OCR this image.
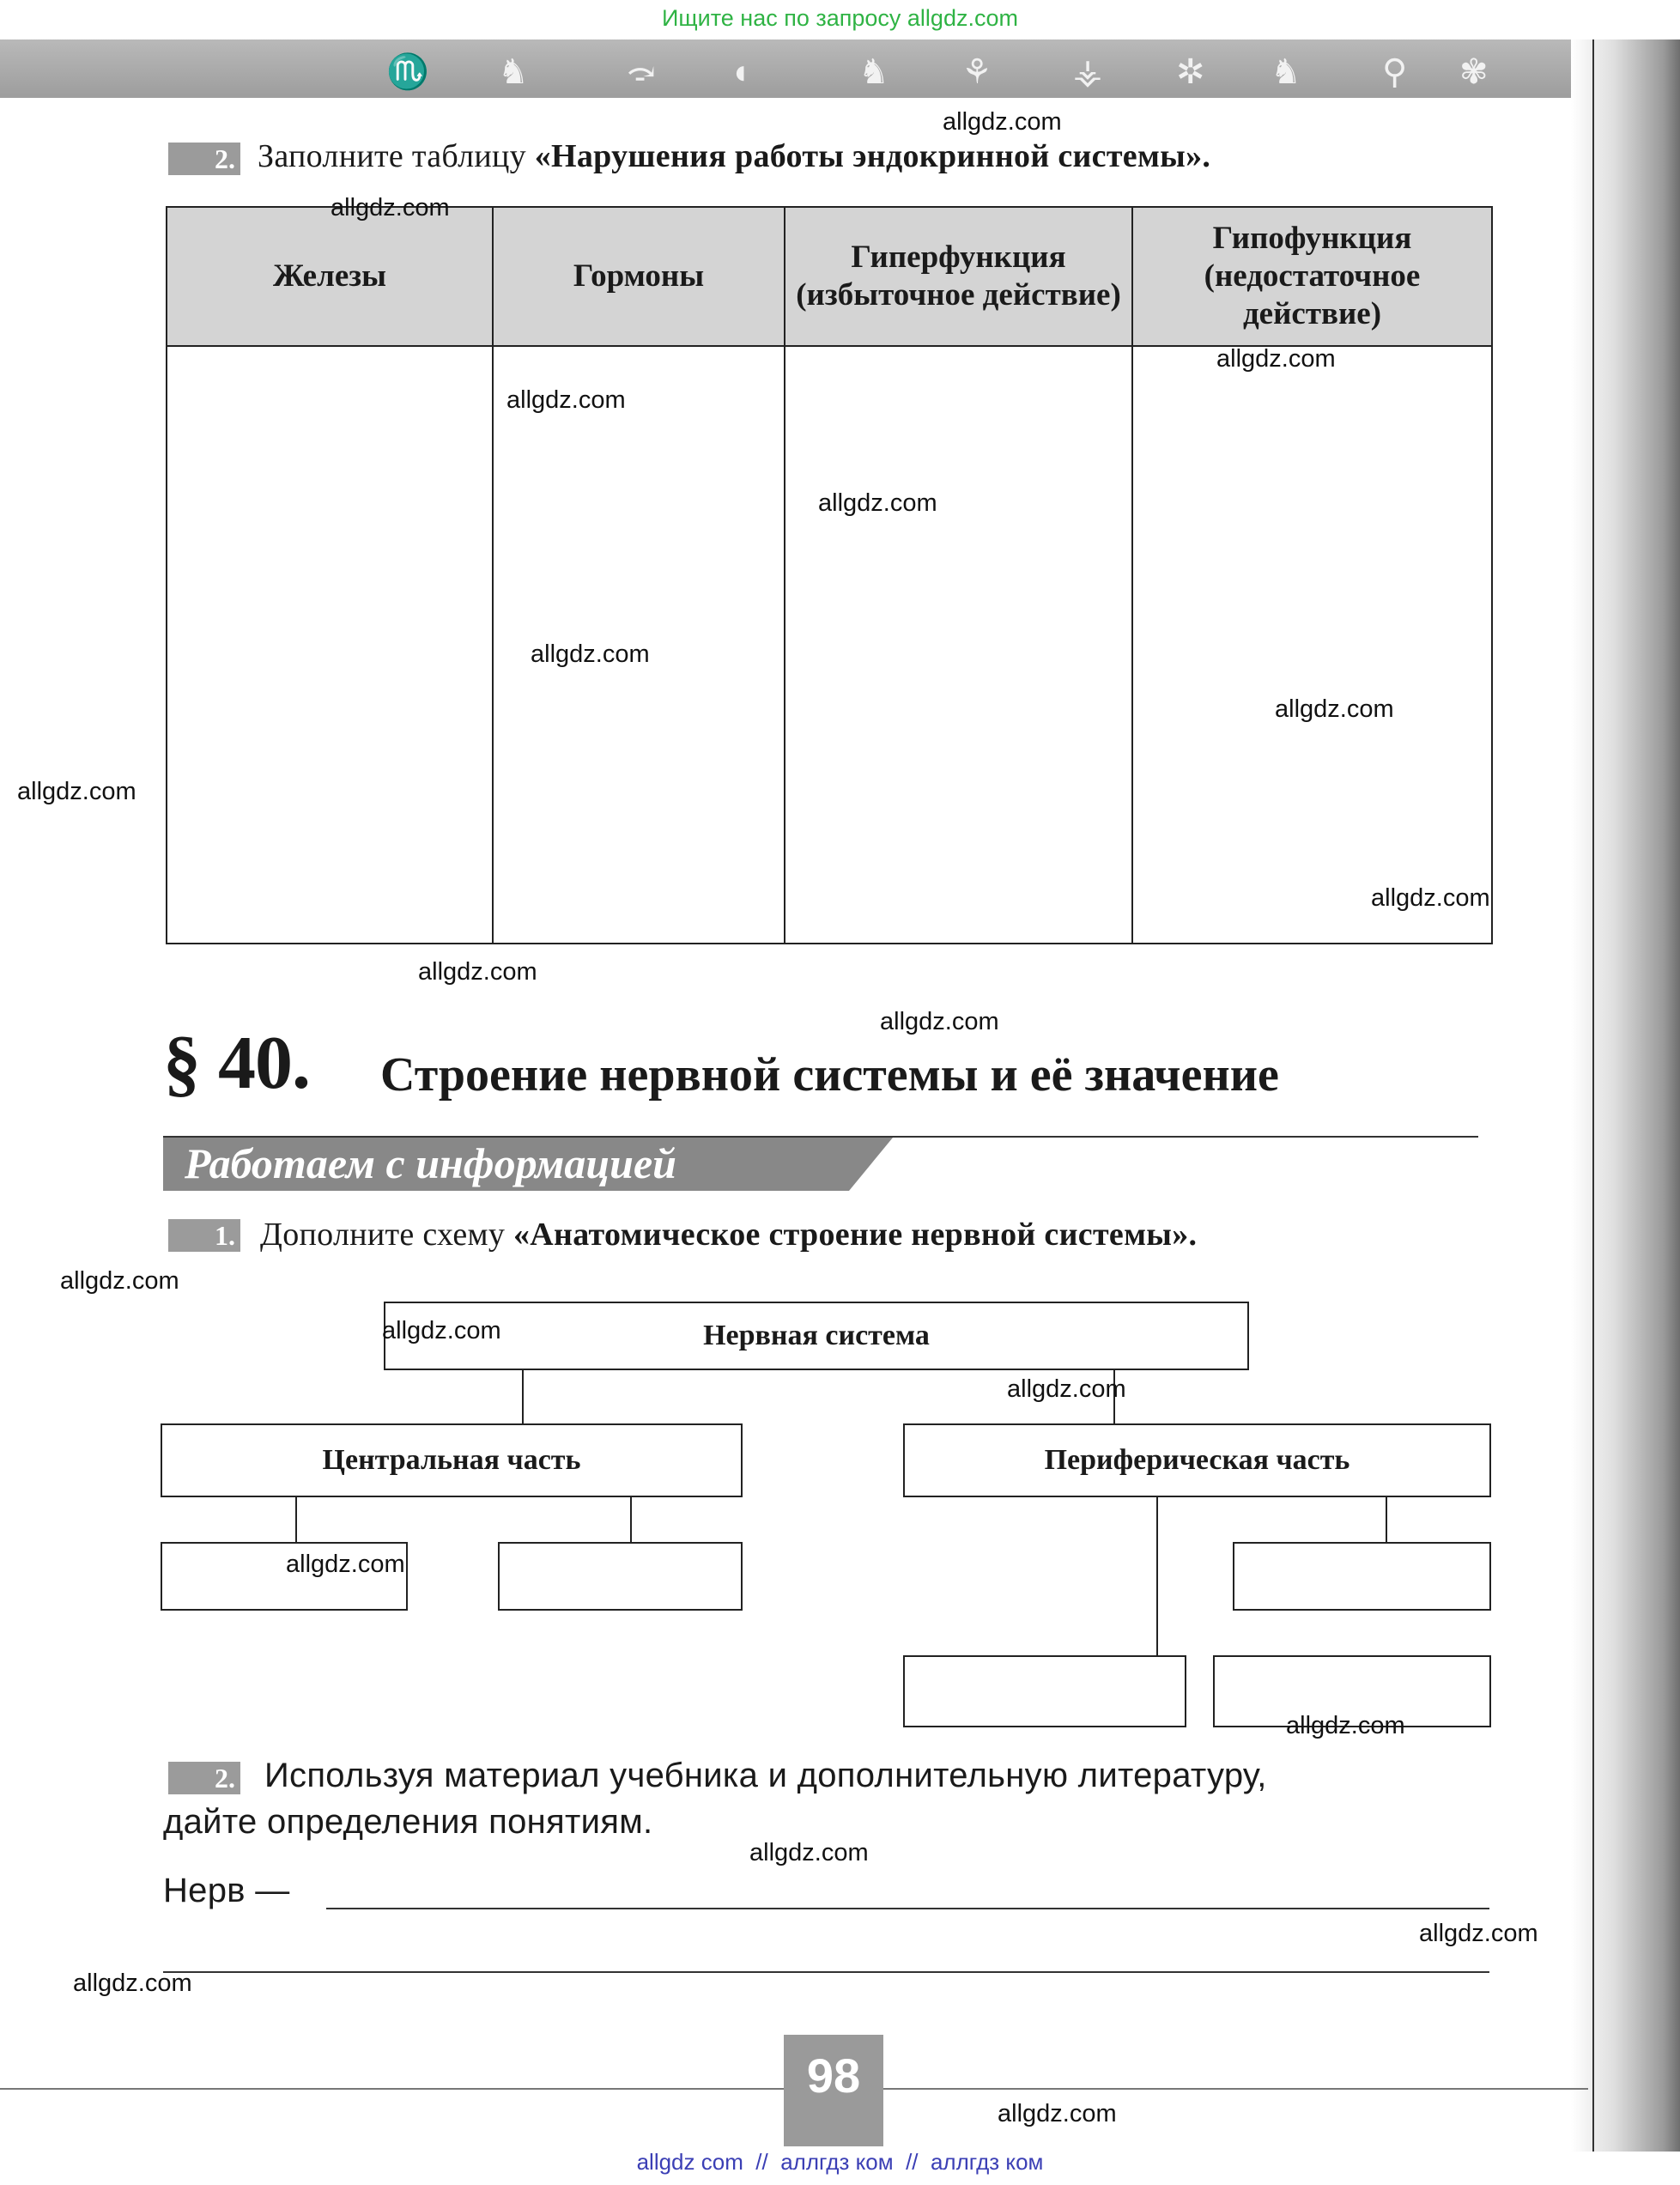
Ищите нас по запросу allgdz.com
♏ ♞	⤼ ◖	♞ ⚘ ⚶ ✲ ♞ ⚲ ✾
2. Заполните таблицу «Нарушения работы эндокринной системы».
Железы	Гормоны	Гиперфункция (избыточное действие)	Гипофункция (недостаточное действие)

§ 40. Строение нервной системы и её значение
Работаем с информацией
1. Дополните схему «Анатомическое строение нервной системы».
Нервная система
Центральная часть	Периферическая часть
2. Используя материал учебника и дополнительную литературу,
дайте определения понятиям.
Нерв —
98
allgdz.com
allgdz.com
allgdz.com
allgdz.com
allgdz.com
allgdz.com
allgdz.com
allgdz.com
allgdz.com
allgdz.com
allgdz.com
allgdz.com
allgdz.com
allgdz.com
allgdz.com
allgdz.com
allgdz.com
allgdz.com
allgdz.com
allgdz.com
allgdz com  //  аллгдз ком  //  аллгдз ком
